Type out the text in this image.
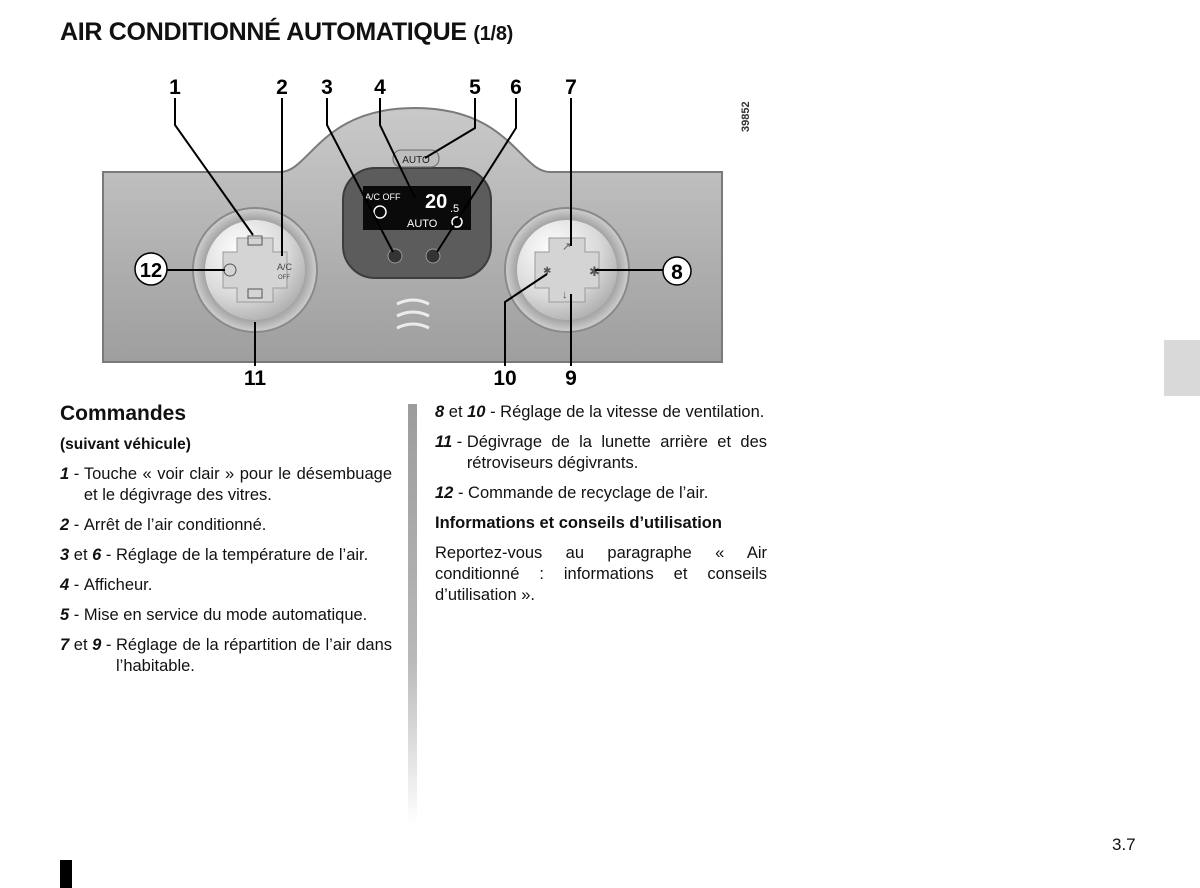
AIR CONDITIONNÉ AUTOMATIQUE (1/8)
AUTO
A/C OFF 20 .5
AUTO
A/C
OFF
✱	✱
↗
↓
1	2 3 4	5 6 7
8
9
10
11
12
39852

Commandes

(suivant véhicule)

1 - Touche « voir clair » pour le désembuage et le dégivrage des vitres.

2 - Arrêt de l’air conditionné.

3 et 6 - Réglage de la température de l’air.

4 - Afficheur.

5 - Mise en service du mode automatique.

7 et 9 - Réglage de la répartition de l’air dans l’habitable.

8 et 10 - Réglage de la vitesse de ventilation.

11 - Dégivrage de la lunette arrière et des rétroviseurs dégivrants.

12 - Commande de recyclage de l’air.

Informations et conseils d’utilisation

Reportez-vous au paragraphe « Air conditionné : informations et conseils d’utilisation ».

3.7
